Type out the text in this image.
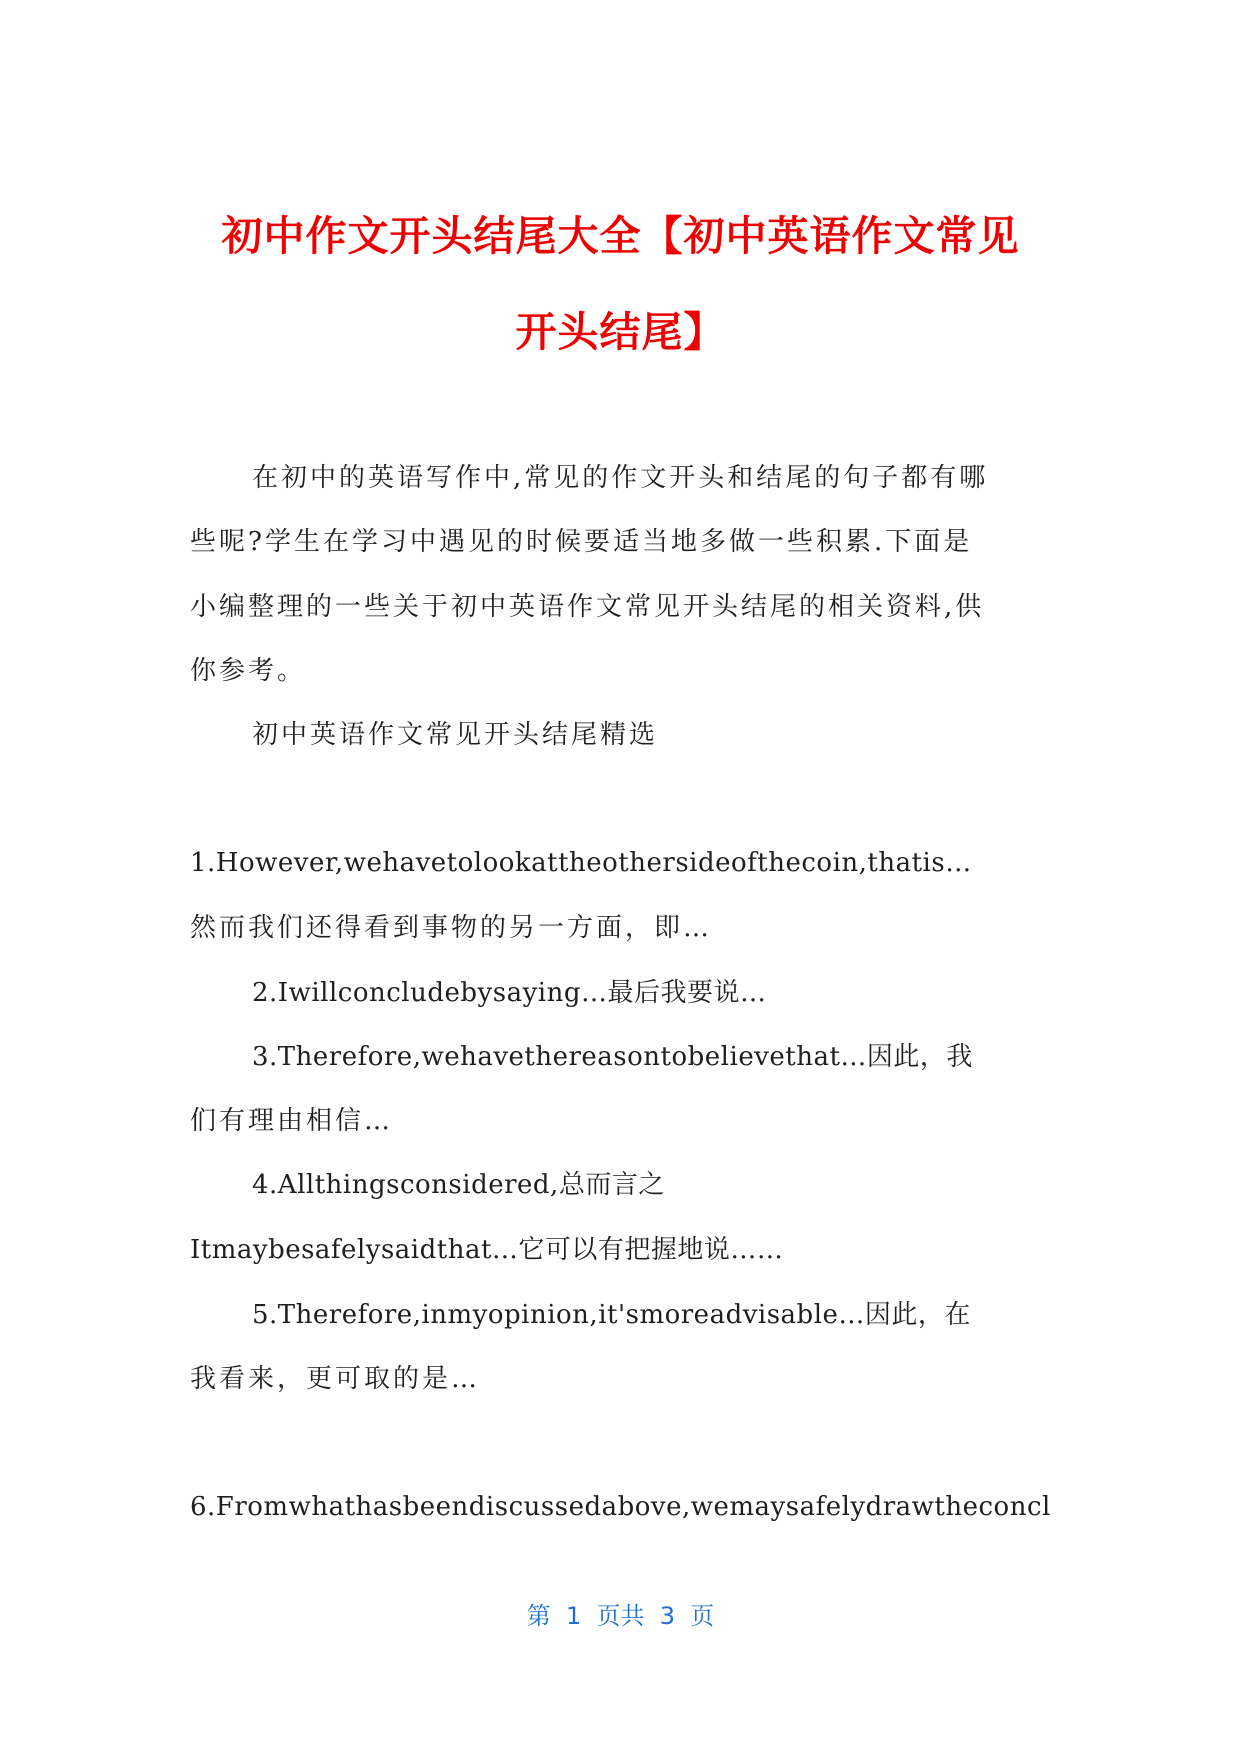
初中作文开头结尾大全【初中英语作文常见
开头结尾】
在初中的英语写作中,常见的作文开头和结尾的句子都有哪
些呢?学生在学习中遇见的时候要适当地多做一些积累.下面是
小编整理的一些关于初中英语作文常见开头结尾的相关资料,供
你参考。
初中英语作文常见开头结尾精选
1.However,wehavetolookattheothersideofthecoin,thatis…
然而我们还得看到事物的另一方面，即…
2.Iwillconcludebysaying…最后我要说…
3.Therefore,wehavethereasontobelievethat…因此，我
们有理由相信…
4.Allthingsconsidered,总而言之
Itmaybesafelysaidthat…它可以有把握地说……
5.Therefore,inmyopinion,it'smoreadvisable…因此，在
我看来，更可取的是…
6.Fromwhathasbeendiscussedabove,wemaysafelydrawtheconcl
第  1  页共  3  页
